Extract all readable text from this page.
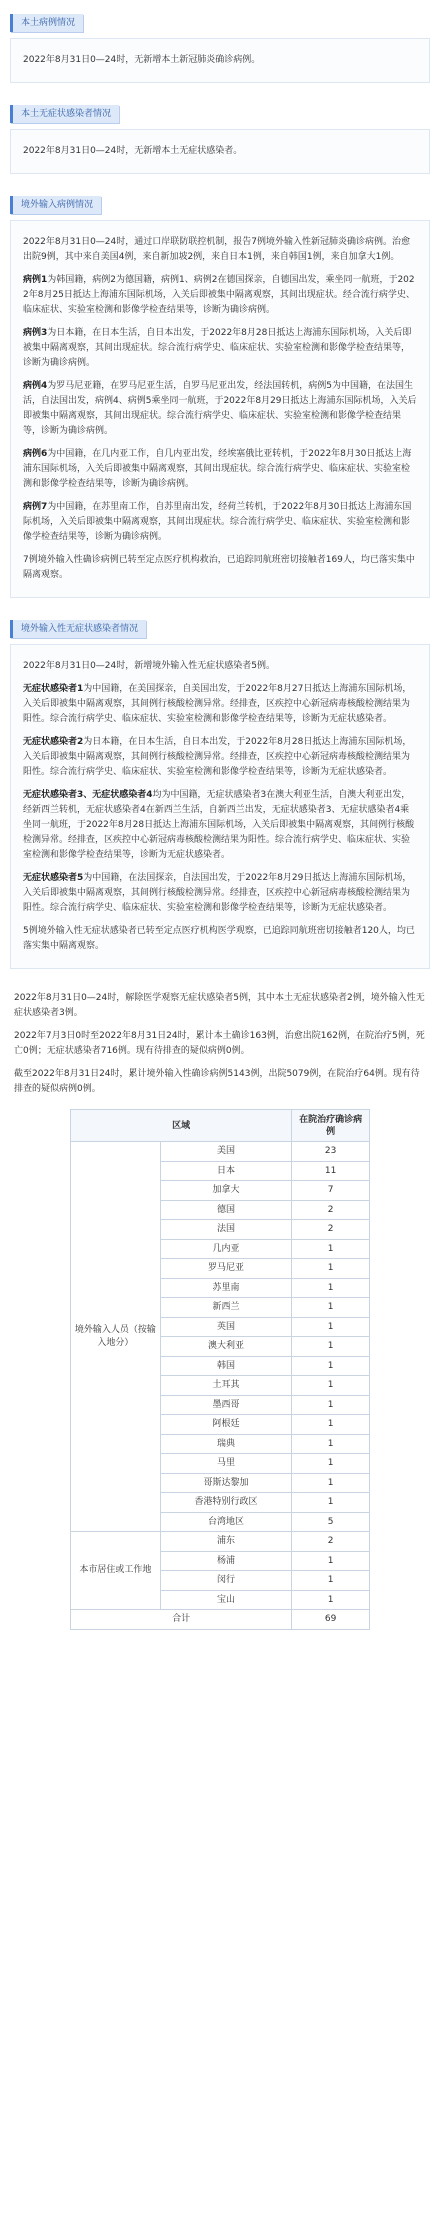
本土病例情况

2022年8月31日0—24时，无新增本土新冠肺炎确诊病例。

本土无症状感染者情况

2022年8月31日0—24时，无新增本土无症状感染者。

境外输入病例情况

2022年8月31日0—24时，通过口岸联防联控机制，报告7例境外输入性新冠肺炎确诊病例。治愈出院9例，其中来自美国4例，来自新加坡2例，来自日本1例，来自韩国1例，来自加拿大1例。

病例1为韩国籍，病例2为德国籍，病例1、病例2在德国探亲，自德国出发，乘坐同一航班，于2022年8月25日抵达上海浦东国际机场，入关后即被集中隔离观察，其间出现症状。经合流行病学史、临床症状、实验室检测和影像学检查结果等，诊断为确诊病例。

病例3为日本籍，在日本生活，自日本出发，于2022年8月28日抵达上海浦东国际机场，入关后即被集中隔离观察，其间出现症状。综合流行病学史、临床症状、实验室检测和影像学检查结果等，诊断为确诊病例。

病例4为罗马尼亚籍，在罗马尼亚生活，自罗马尼亚出发，经法国转机，病例5为中国籍，在法国生活，自法国出发，病例4、病例5乘坐同一航班，于2022年8月29日抵达上海浦东国际机场，入关后即被集中隔离观察，其间出现症状。综合流行病学史、临床症状、实验室检测和影像学检查结果等，诊断为确诊病例。

病例6为中国籍，在几内亚工作，自几内亚出发，经埃塞俄比亚转机，于2022年8月30日抵达上海浦东国际机场，入关后即被集中隔离观察，其间出现症状。综合流行病学史、临床症状、实验室检测和影像学检查结果等，诊断为确诊病例。

病例7为中国籍，在苏里南工作，自苏里南出发，经荷兰转机，于2022年8月30日抵达上海浦东国际机场，入关后即被集中隔离观察，其间出现症状。综合流行病学史、临床症状、实验室检测和影像学检查结果等，诊断为确诊病例。

7例境外输入性确诊病例已转至定点医疗机构救治，已追踪同航班密切接触者169人，均已落实集中隔离观察。

境外输入性无症状感染者情况

2022年8月31日0—24时，新增境外输入性无症状感染者5例。

无症状感染者1为中国籍，在美国探亲，自美国出发，于2022年8月27日抵达上海浦东国际机场，入关后即被集中隔离观察，其间例行核酸检测异常。经排查，区疾控中心新冠病毒核酸检测结果为阳性。综合流行病学史、临床症状、实验室检测和影像学检查结果等，诊断为无症状感染者。

无症状感染者2为日本籍，在日本生活，自日本出发，于2022年8月28日抵达上海浦东国际机场，入关后即被集中隔离观察，其间例行核酸检测异常。经排查，区疾控中心新冠病毒核酸检测结果为阳性。综合流行病学史、临床症状、实验室检测和影像学检查结果等，诊断为无症状感染者。

无症状感染者3、无症状感染者4均为中国籍，无症状感染者3在澳大利亚生活，自澳大利亚出发，经新西兰转机，无症状感染者4在新西兰生活，自新西兰出发，无症状感染者3、无症状感染者4乘坐同一航班，于2022年8月28日抵达上海浦东国际机场，入关后即被集中隔离观察，其间例行核酸检测异常。经排查，区疾控中心新冠病毒核酸检测结果为阳性。综合流行病学史、临床症状、实验室检测和影像学检查结果等，诊断为无症状感染者。

无症状感染者5为中国籍，在法国探亲，自法国出发，于2022年8月29日抵达上海浦东国际机场，入关后即被集中隔离观察，其间例行核酸检测异常。经排查，区疾控中心新冠病毒核酸检测结果为阳性。综合流行病学史、临床症状、实验室检测和影像学检查结果等，诊断为无症状感染者。

5例境外输入性无症状感染者已转至定点医疗机构医学观察，已追踪同航班密切接触者120人，均已落实集中隔离观察。

2022年8月31日0—24时，解除医学观察无症状感染者5例，其中本土无症状感染者2例，境外输入性无症状感染者3例。

2022年7月3日0时至2022年8月31日24时，累计本土确诊163例，治愈出院162例，在院治疗5例，死亡0例；无症状感染者716例。现有待排查的疑似病例0例。

截至2022年8月31日24时，累计境外输入性确诊病例5143例，出院5079例，在院治疗64例。现有待排查的疑似病例0例。

区域		在院治疗确诊病例
境外输入人员（按输入地分）	美国	23
	日本	11
	加拿大	7
	德国	2
	法国	2
	几内亚	1
	罗马尼亚	1
	苏里南	1
	新西兰	1
	英国	1
	澳大利亚	1
	韩国	1
	土耳其	1
	墨西哥	1
	阿根廷	1
	瑞典	1
	马里	1
	哥斯达黎加	1
	香港特别行政区	1
	台湾地区	5
本市居住或工作地	浦东	2
	杨浦	1
	闵行	1
	宝山	1
合计		69
